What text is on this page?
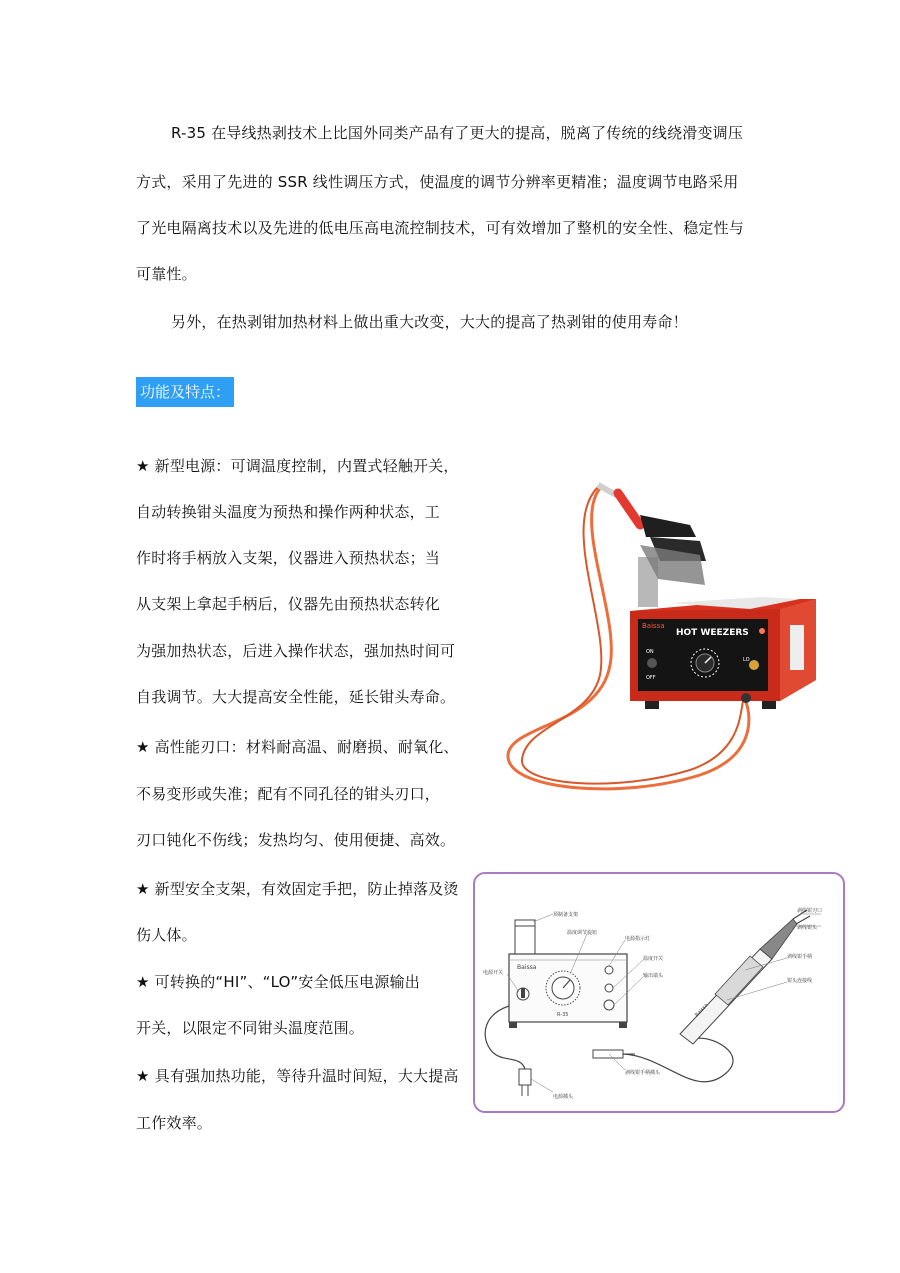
R-35 在导线热剥技术上比国外同类产品有了更大的提高，脱离了传统的线绕滑变调压
方式，采用了先进的 SSR 线性调压方式，使温度的调节分辨率更精准；温度调节电路采用
了光电隔离技术以及先进的低电压高电流控制技术，可有效增加了整机的安全性、稳定性与
可靠性。
另外，在热剥钳加热材料上做出重大改变，大大的提高了热剥钳的使用寿命！
功能及特点：
★ 新型电源：可调温度控制，内置式轻触开关，
自动转换钳头温度为预热和操作两种状态，工
作时将手柄放入支架，仪器进入预热状态；当
从支架上拿起手柄后，仪器先由预热状态转化
为强加热状态，后进入操作状态，强加热时间可
自我调节。大大提高安全性能，延长钳头寿命。
★ 高性能刃口：材料耐高温、耐磨损、耐氧化、
不易变形或失准；配有不同孔径的钳头刃口，
刃口钝化不伤线；发热均匀、使用便捷、高效。
★ 新型安全支架，有效固定手把，防止掉落及烫
伤人体。
★ 可转换的“HI”、“LO”安全低压电源输出
开关，以限定不同钳头温度范围。
★ 具有强加热功能，等待升温时间短，大大提高
工作效率。
Baissa
HOT WEEZERS
ON
OFF
LO
Baissa
R-35	Baissa
预制备支架
温度调节旋钮
电源指示灯
温度开关
输出端头
电源开关
电源插头
剥线钳手柄插头
剥线钳刃口
剥线钳头
剥线钳手柄
钳头连接线
